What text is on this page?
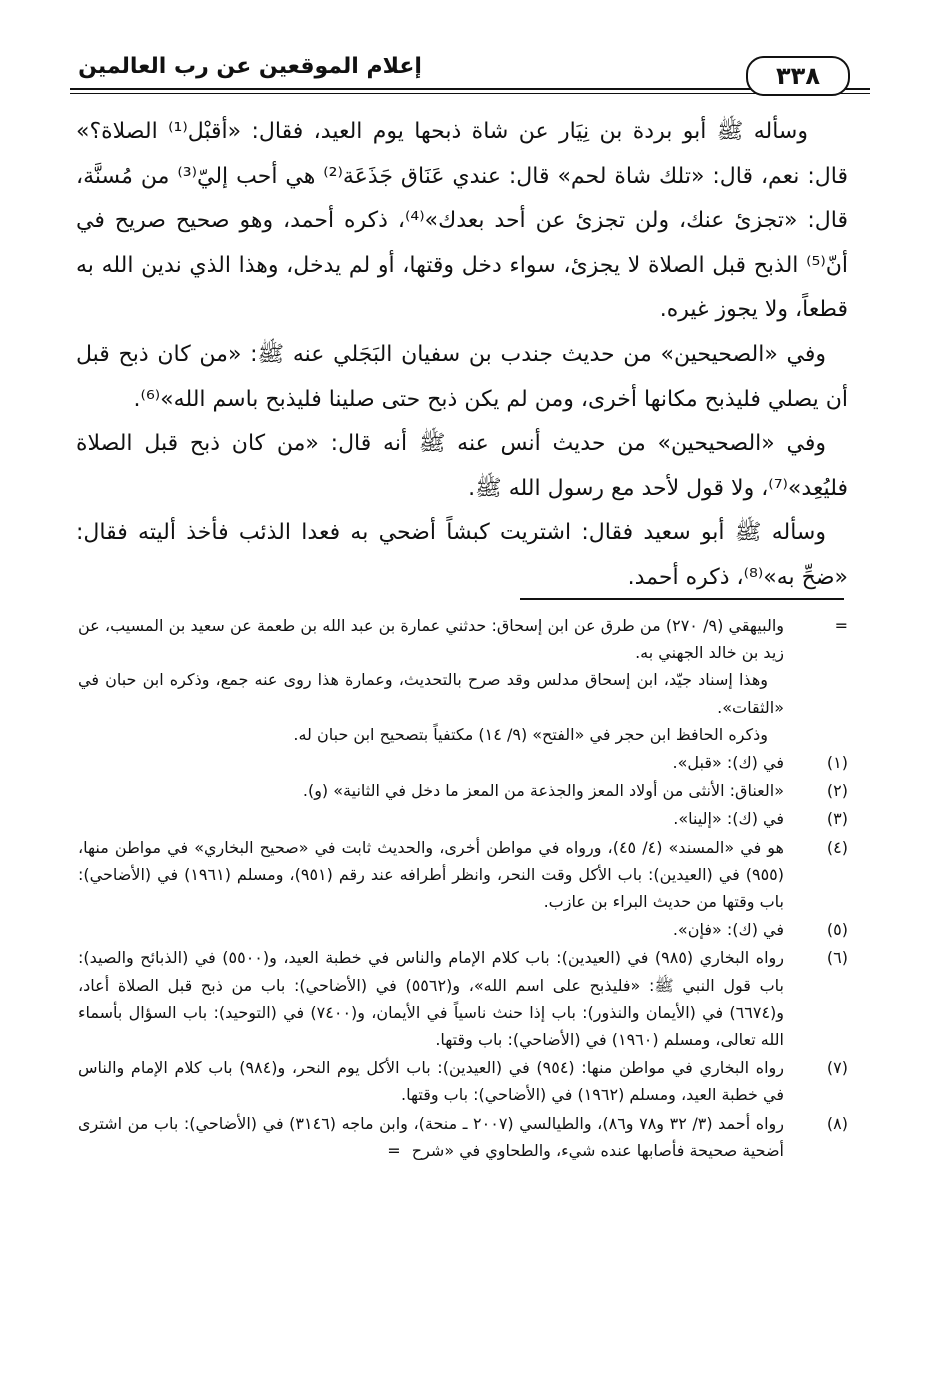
إعلام الموقعين عن رب العالمين	٣٣٨

وسأله ﷺ أبو بردة بن نِيَار عن شاة ذبحها يوم العيد، فقال: «أقبْل⁽¹⁾ الصلاة؟» قال: نعم، قال: «تلك شاة لحم» قال: عندي عَنَاق جَذَعَة⁽²⁾ هي أحب إليّ⁽³⁾ من مُسنَّة، قال: «تجزئ عنك، ولن تجزئ عن أحد بعدك»⁽⁴⁾، ذكره أحمد، وهو صحيح صريح في أنّ⁽⁵⁾ الذبح قبل الصلاة لا يجزئ، سواء دخل وقتها، أو لم يدخل، وهذا الذي ندين الله به قطعاً، ولا يجوز غيره.

وفي «الصحيحين» من حديث جندب بن سفيان البَجَلي عنه ﷺ: «من كان ذبح قبل أن يصلي فليذبح مكانها أخرى، ومن لم يكن ذبح حتى صلينا فليذبح باسم الله»⁽⁶⁾.

وفي «الصحيحين» من حديث أنس عنه ﷺ أنه قال: «من كان ذبح قبل الصلاة فليُعِد»⁽⁷⁾، ولا قول لأحد مع رسول الله ﷺ.

وسأله ﷺ أبو سعيد فقال: اشتريت كبشاً أضحي به فعدا الذئب فأخذ أليته فقال: «ضحِّ به»⁽⁸⁾، ذكره أحمد.

=
والبيهقي (٩/ ٢٧٠) من طرق عن ابن إسحاق: حدثني عمارة بن عبد الله بن طعمة عن سعيد بن المسيب، عن زيد بن خالد الجهني به.

وهذا إسناد جيّد، ابن إسحاق مدلس وقد صرح بالتحديث، وعمارة هذا روى عنه جمع، وذكره ابن حبان في «الثقات».

وذكره الحافظ ابن حجر في «الفتح» (٩/ ١٤) مكتفياً بتصحيح ابن حبان له.

(١)
في (ك): «قبل».
(٢)
«العناق: الأنثى من أولاد المعز والجذعة من المعز ما دخل في الثانية» (و).
(٣)
في (ك): «إلينا».
(٤)
هو في «المسند» (٤/ ٤٥)، ورواه في مواطن أخرى، والحديث ثابت في «صحيح البخاري» في مواطن منها، (٩٥٥) في (العيدين): باب الأكل وقت النحر، وانظر أطرافه عند رقم (٩٥١)، ومسلم (١٩٦١) في (الأضاحي): باب وقتها من حديث البراء بن عازب.
(٥)
في (ك): «فإن».
(٦)
رواه البخاري (٩٨٥) في (العيدين): باب كلام الإمام والناس في خطبة العيد، و(٥٥٠٠) في (الذبائح والصيد): باب قول النبي ﷺ: «فليذبح على اسم الله»، و(٥٥٦٢) في (الأضاحي): باب من ذبح قبل الصلاة أعاد، و(٦٦٧٤) في (الأيمان والنذور): باب إذا حنث ناسياً في الأيمان، و(٧٤٠٠) في (التوحيد): باب السؤال بأسماء الله تعالى، ومسلم (١٩٦٠) في (الأضاحي): باب وقتها.
(٧)
رواه البخاري في مواطن منها: (٩٥٤) في (العيدين): باب الأكل يوم النحر، و(٩٨٤) باب كلام الإمام والناس في خطبة العيد، ومسلم (١٩٦٢) في (الأضاحي): باب وقتها.
(٨)
رواه أحمد (٣/ ٣٢ و٧٨ و٨٦)، والطيالسي (٢٠٠٧ ـ منحة)، وابن ماجه (٣١٤٦) في (الأضاحي): باب من اشترى أضحية صحيحة فأصابها عنده شيء، والطحاوي في «شرح =
